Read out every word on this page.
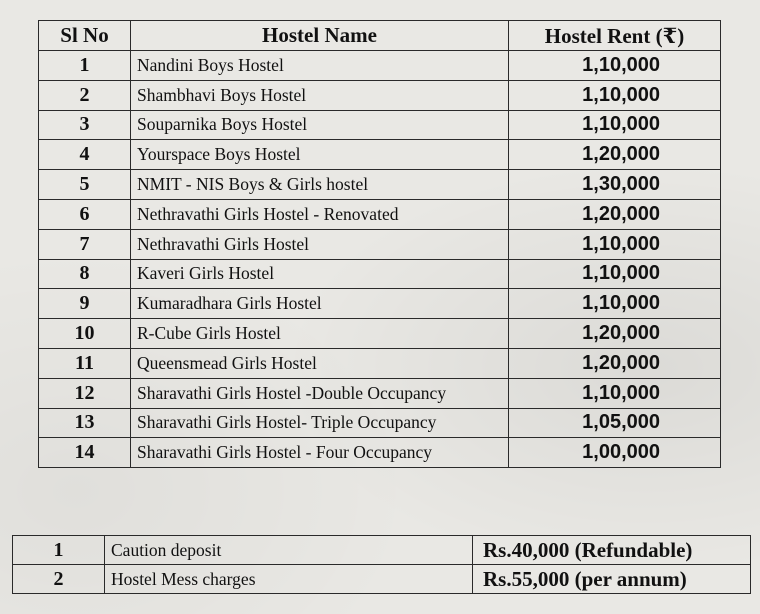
Sl No	Hostel Name	Hostel Rent (₹)
1	Nandini Boys Hostel	1,10,000
2	Shambhavi Boys Hostel	1,10,000
3	Souparnika Boys Hostel	1,10,000
4	Yourspace Boys Hostel	1,20,000
5	NMIT - NIS Boys & Girls hostel	1,30,000
6	Nethravathi Girls Hostel - Renovated	1,20,000
7	Nethravathi Girls Hostel	1,10,000
8	Kaveri Girls Hostel	1,10,000
9	Kumaradhara Girls Hostel	1,10,000
10	R-Cube Girls Hostel	1,20,000
11	Queensmead Girls Hostel	1,20,000
12	Sharavathi Girls Hostel -Double Occupancy	1,10,000
13	Sharavathi Girls Hostel- Triple Occupancy	1,05,000
14	Sharavathi Girls Hostel - Four Occupancy	1,00,000
1	Caution deposit	Rs.40,000 (Refundable)
2	Hostel Mess charges	Rs.55,000 (per annum)
